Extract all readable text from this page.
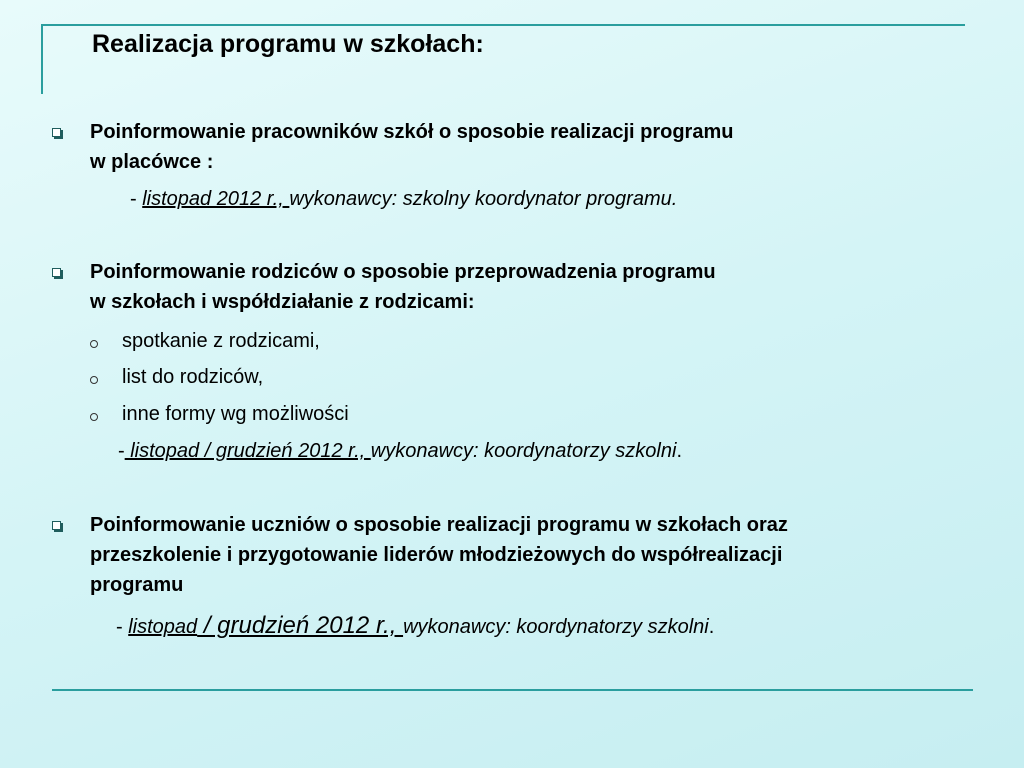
Realizacja programu w szkołach:
Poinformowanie pracowników szkół o sposobie realizacji programu
w placówce :
- listopad 2012 r., wykonawcy: szkolny koordynator programu.
Poinformowanie rodziców o sposobie przeprowadzenia programu
w szkołach i współdziałanie z rodzicami:
spotkanie z rodzicami,
list do rodziców,
inne formy wg możliwości
- listopad / grudzień 2012 r., wykonawcy: koordynatorzy szkolni.
Poinformowanie uczniów o sposobie realizacji programu w szkołach oraz
przeszkolenie i przygotowanie liderów młodzieżowych do współrealizacji
programu
- listopad / grudzień 2012 r., wykonawcy: koordynatorzy szkolni.
